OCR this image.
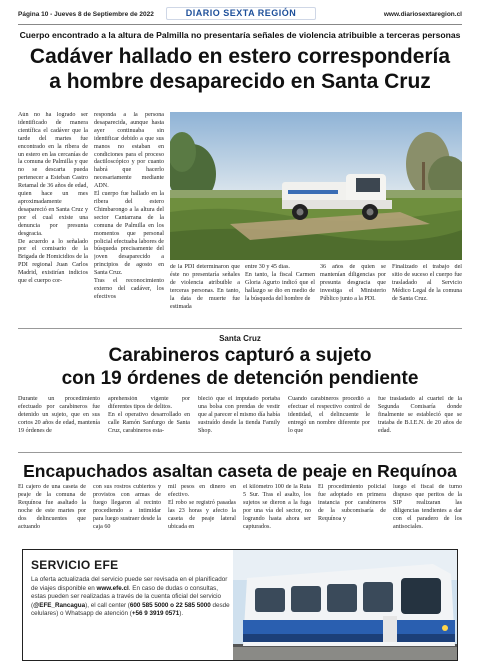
Página 10 - Jueves 8 de Septiembre de 2022	DIARIO SEXTA REGIÓN	www.diariosextaregion.cl
Cuerpo encontrado a la altura de Palmilla no presentaría señales de violencia atribuible a terceras personas
Cadáver hallado en estero correspondería
a hombre desaparecido en Santa Cruz
Aún no ha logrado ser identificado de manera científica el cadáver que la tarde del martes fue encontrado en la ribera de un estero en las cercanías de la comuna de Palmilla y que no se descarta pueda pertenecer a Esteban Castro Retamal de 36 años de edad, quien hace un mes aproximadamente desapareció en Santa Cruz y por el cual existe una denuncia por presunta desgracia.
De acuerdo a lo señalado por el comisario de la Brigada de Homicidios de la PDI regional Juan Carlos Madrid, existirían indicios que el cuerpo cor-
responda a la persona desaparecida, aunque hasta ayer continuaba sin identificar debido a que sus manos no estaban en condiciones para el proceso dactiloscópico y por cuanto habrá que hacerlo necesariamente mediante ADN.
El cuerpo fue hallado en la ribera del estero Chimbarongo a la altura del sector Cantarrana de la comuna de Palmilla en los momentos que personal policial efectuaba labores de búsqueda precisamente del joven desaparecido a principios de agosto en Santa Cruz.
Tras el reconocimiento externo del cadáver, los efectivos
de la PDI determinaron que éste no presentaría señales de violencia atribuible a terceras personas. En tanto, la data de muerte fue estimada
entre 30 y 45 días.
En tanto, la fiscal Carmen Gloria Agurto indicó que el hallazgo se dio en medio de la búsqueda del hombre de
36 años de quien se mantenían diligencias por presunta desgracia que investiga el Ministerio Público junto a la PDI.
Finalizado el trabajo del sitio de suceso el cuerpo fue trasladado al Servicio Médico Legal de la comuna de Santa Cruz.
Santa Cruz
Carabineros capturó a sujeto
con 19 órdenes de detención pendiente
Durante un procedimiento efectuado por carabineros fue detenido un sujeto, que en sus cortos 20 años de edad, mantenía 19 órdenes de
aprehensión vigente por diferentes tipos de delitos.
En el operativo desarrollado en calle Ramón Sanfurgo de Santa Cruz, carabineros esta-
bleció que el imputado portaba una bolsa con prendas de vestir que al parecer el mismo día había sustraído desde la tienda Family Shop.
Cuando carabineros procedió a efectuar el respectivo control de identidad, el delincuente le entregó un nombre diferente por lo que
fue trasladado al cuartel de la Segunda Comisaría donde finalmente se estableció que se trataba de B.I.E.N. de 20 años de edad.
Encapuchados asaltan caseta de peaje en Requínoa
El cajero de una caseta de peaje de la comuna de Requínoa fue asaltado la noche de este martes por dos delincuentes que actuando
con sus rostros cubiertos y provistos con armas de fuego llegaron al recinto procediendo a intimidar para luego sustraer desde la caja 60
mil pesos en dinero en efectivo.
El robo se registró pasadas las 23 horas y afecto la caseta de peaje lateral ubicada en
el kilómetro 100 de la Ruta 5 Sur. Tras el asalto, los sujetos se dieron a la fuga por una vía del sector, no logrando hasta ahora ser capturados.
El procedimiento policial fue adoptado en primera instancia por carabineros de la subcomisaría de Requínoa y
luego el fiscal de turno dispuso que peritos de la SIP realizaran las diligencias tendientes a dar con el paradero de los antisociales.
SERVICIO EFE
La oferta actualizada del servicio puede ser revisada en el planificador de viajes disponible en www.efe.cl. En caso de dudas o consultas, estas pueden ser realizadas a través de la cuenta oficial del servicio (@EFE_Rancagua), el call center (600 585 5000 o 22 585 5000 desde celulares) o Whatsapp de atención (+56 9 3919 0571).
